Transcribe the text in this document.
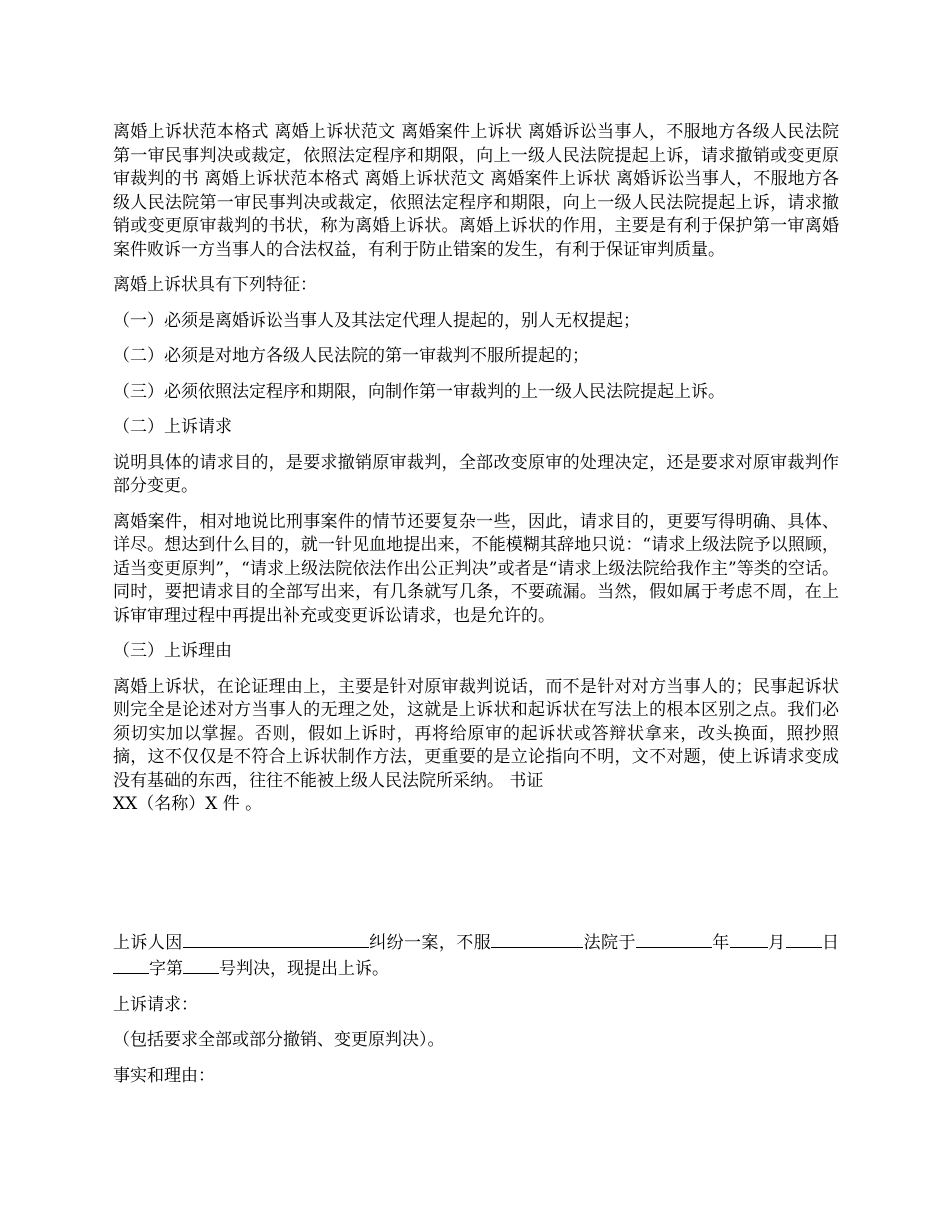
离婚上诉状范本格式 离婚上诉状范文 离婚案件上诉状 离婚诉讼当事人，不服地方各级人民法院第一审民事判决或裁定，依照法定程序和期限，向上一级人民法院提起上诉，请求撤销或变更原审裁判的书 离婚上诉状范本格式 离婚上诉状范文 离婚案件上诉状 离婚诉讼当事人，不服地方各级人民法院第一审民事判决或裁定，依照法定程序和期限，向上一级人民法院提起上诉，请求撤销或变更原审裁判的书状，称为离婚上诉状。离婚上诉状的作用，主要是有利于保护第一审离婚案件败诉一方当事人的合法权益，有利于防止错案的发生，有利于保证审判质量。

离婚上诉状具有下列特征：

（一）必须是离婚诉讼当事人及其法定代理人提起的，别人无权提起；

（二）必须是对地方各级人民法院的第一审裁判不服所提起的；

（三）必须依照法定程序和期限，向制作第一审裁判的上一级人民法院提起上诉。

（二）上诉请求

说明具体的请求目的，是要求撤销原审裁判，全部改变原审的处理决定，还是要求对原审裁判作部分变更。

离婚案件，相对地说比刑事案件的情节还要复杂一些，因此，请求目的，更要写得明确、具体、详尽。想达到什么目的，就一针见血地提出来，不能模糊其辞地只说：“请求上级法院予以照顾，适当变更原判”，“请求上级法院依法作出公正判决”或者是“请求上级法院给我作主”等类的空话。同时，要把请求目的全部写出来，有几条就写几条，不要疏漏。当然，假如属于考虑不周，在上诉审审理过程中再提出补充或变更诉讼请求，也是允许的。

（三）上诉理由

离婚上诉状，在论证理由上，主要是针对原审裁判说话，而不是针对对方当事人的；民事起诉状则完全是论述对方当事人的无理之处，这就是上诉状和起诉状在写法上的根本区别之点。我们必须切实加以掌握。否则，假如上诉时，再将给原审的起诉状或答辩状拿来，改头换面，照抄照摘，这不仅仅是不符合上诉状制作方法，更重要的是立论指向不明，文不对题，使上诉请求变成没有基础的东西，往往不能被上级人民法院所采纳。 书证
XX（名称）X 件 。

上诉人因	纠纷一案，不服	法院于	年 月 日字第 号判决，现提出上诉。

上诉请求：

（包括要求全部或部分撤销、变更原判决）。

事实和理由：
